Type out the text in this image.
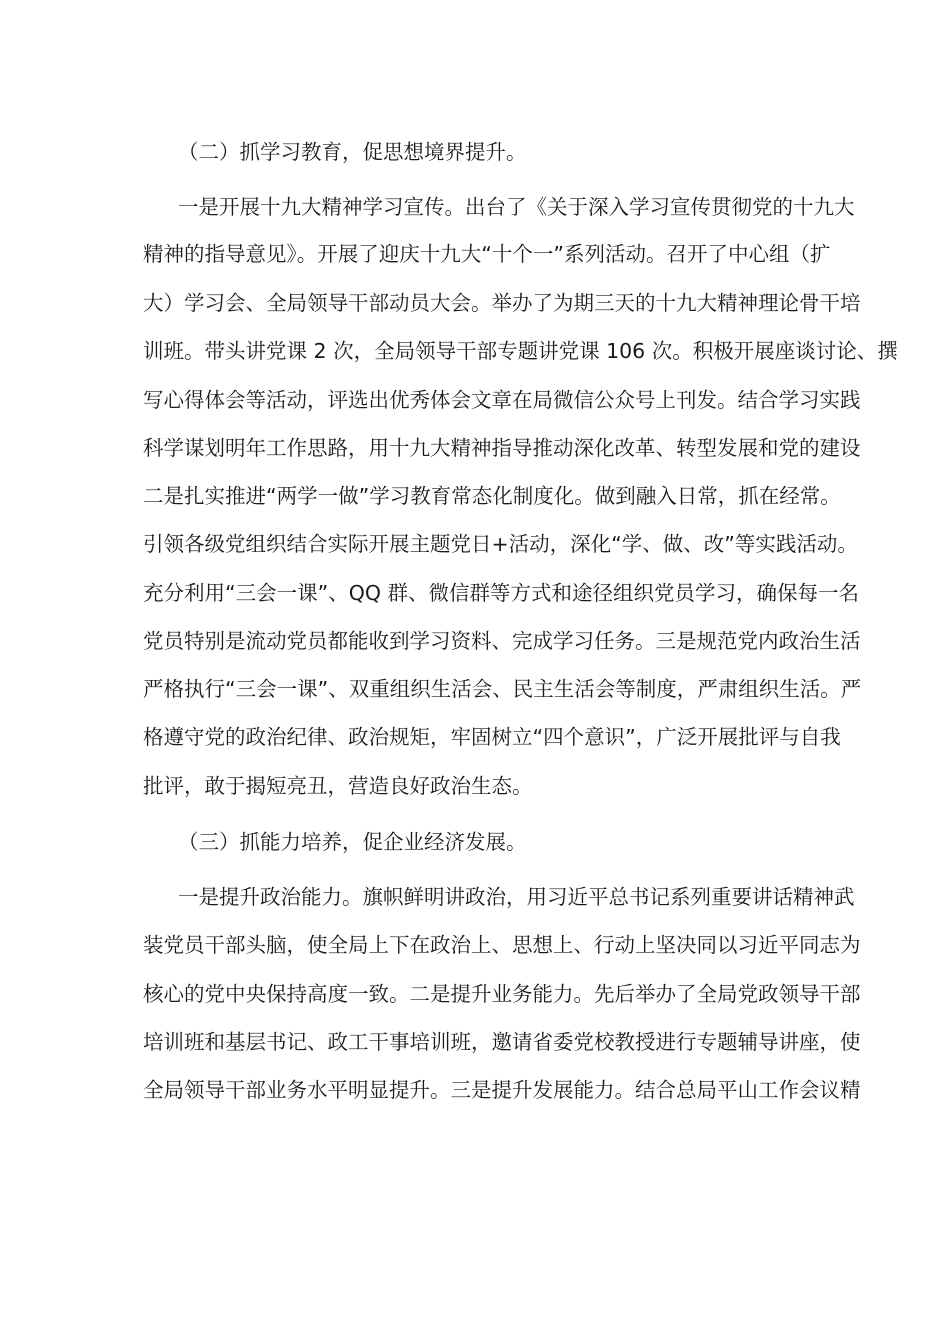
（二）抓学习教育，促思想境界提升。
一是开展十九大精神学习宣传。出台了《关于深入学习宣传贯彻党的十九大
精神的指导意见》。开展了迎庆十九大“十个一”系列活动。召开了中心组（扩
大）学习会、全局领导干部动员大会。举办了为期三天的十九大精神理论骨干培
训班。带头讲党课 2 次，全局领导干部专题讲党课 106 次。积极开展座谈讨论、撰
写心得体会等活动，评选出优秀体会文章在局微信公众号上刊发。结合学习实践
科学谋划明年工作思路，用十九大精神指导推动深化改革、转型发展和党的建设
二是扎实推进“两学一做”学习教育常态化制度化。做到融入日常，抓在经常。
引领各级党组织结合实际开展主题党日+活动，深化“学、做、改”等实践活动。
充分利用“三会一课”、QQ 群、微信群等方式和途径组织党员学习，确保每一名
党员特别是流动党员都能收到学习资料、完成学习任务。三是规范党内政治生活
严格执行“三会一课”、双重组织生活会、民主生活会等制度，严肃组织生活。严
格遵守党的政治纪律、政治规矩，牢固树立“四个意识”，广泛开展批评与自我
批评，敢于揭短亮丑，营造良好政治生态。
（三）抓能力培养，促企业经济发展。
一是提升政治能力。旗帜鲜明讲政治，用习近平总书记系列重要讲话精神武
装党员干部头脑，使全局上下在政治上、思想上、行动上坚决同以习近平同志为
核心的党中央保持高度一致。二是提升业务能力。先后举办了全局党政领导干部
培训班和基层书记、政工干事培训班，邀请省委党校教授进行专题辅导讲座，使
全局领导干部业务水平明显提升。三是提升发展能力。结合总局平山工作会议精
